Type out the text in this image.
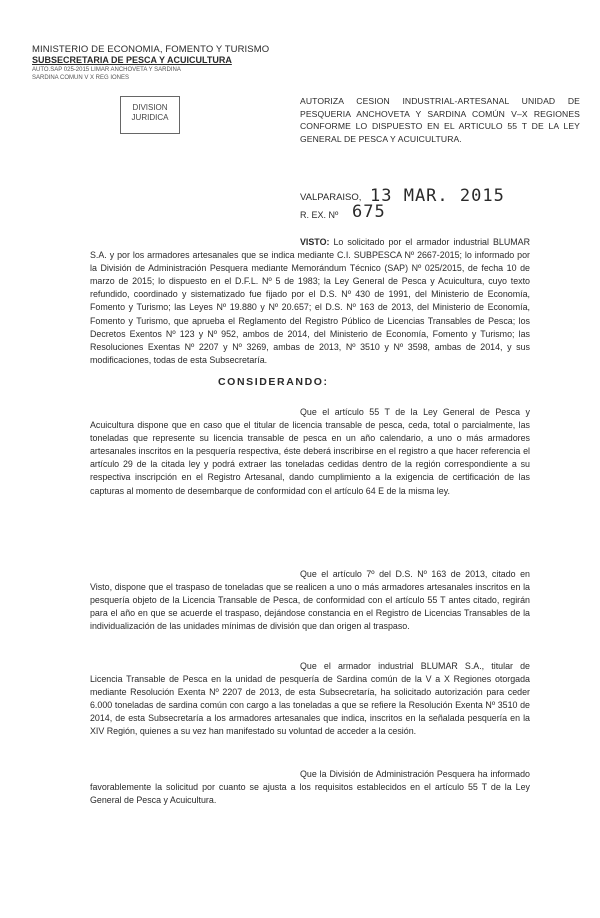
MINISTERIO DE ECONOMIA, FOMENTO Y TURISMO
SUBSECRETARIA DE PESCA Y ACUICULTURA
AUTO.SAP 025-2015 LIMAR ANCHOVETA Y SARDINA
SARDINA COMUN V X REG IONES
DIVISION
JURIDICA
AUTORIZA CESION INDUSTRIAL-ARTESANAL UNIDAD DE PESQUERIA ANCHOVETA Y SARDINA COMÚN V–X REGIONES CONFORME LO DISPUESTO EN EL ARTICULO 55 T DE LA LEY GENERAL DE PESCA Y ACUICULTURA.
VALPARAISO, 13 MAR. 2015
R. EX. Nº 675
VISTO: Lo solicitado por el armador industrial BLUMAR S.A. y por los armadores artesanales que se indica mediante C.I. SUBPESCA Nº 2667-2015; lo informado por la División de Administración Pesquera mediante Memorándum Técnico (SAP) Nº 025/2015, de fecha 10 de marzo de 2015; lo dispuesto en el D.F.L. Nº 5 de 1983; la Ley General de Pesca y Acuicultura, cuyo texto refundido, coordinado y sistematizado fue fijado por el D.S. Nº 430 de 1991, del Ministerio de Economía, Fomento y Turismo; las Leyes Nº 19.880 y Nº 20.657; el D.S. Nº 163 de 2013, del Ministerio de Economía, Fomento y Turismo, que aprueba el Reglamento del Registro Público de Licencias Transables de Pesca; los Decretos Exentos Nº 123 y Nº 952, ambos de 2014, del Ministerio de Economía, Fomento y Turismo; las Resoluciones Exentas Nº 2207 y Nº 3269, ambas de 2013, Nº 3510 y Nº 3598, ambas de 2014, y sus modificaciones, todas de esta Subsecretaría.
CONSIDERANDO:
Que el artículo 55 T de la Ley General de Pesca y Acuicultura dispone que en caso que el titular de licencia transable de pesca, ceda, total o parcialmente, las toneladas que represente su licencia transable de pesca en un año calendario, a uno o más armadores artesanales inscritos en la pesquería respectiva, éste deberá inscribirse en el registro a que hacer referencia el artículo 29 de la citada ley y podrá extraer las toneladas cedidas dentro de la región correspondiente a su respectiva inscripción en el Registro Artesanal, dando cumplimiento a la exigencia de certificación de las capturas al momento de desembarque de conformidad con el artículo 64 E de la misma ley.
Que el artículo 7º del D.S. Nº 163 de 2013, citado en Visto, dispone que el traspaso de toneladas que se realicen a uno o más armadores artesanales inscritos en la pesquería objeto de la Licencia Transable de Pesca, de conformidad con el artículo 55 T antes citado, regirán para el año en que se acuerde el traspaso, dejándose constancia en el Registro de Licencias Transables de la individualización de las unidades mínimas de división que dan origen al traspaso.
Que el armador industrial BLUMAR S.A., titular de Licencia Transable de Pesca en la unidad de pesquería de Sardina común de la V a X Regiones otorgada mediante Resolución Exenta Nº 2207 de 2013, de esta Subsecretaría, ha solicitado autorización para ceder 6.000 toneladas de sardina común con cargo a las toneladas a que se refiere la Resolución Exenta Nº 3510 de 2014, de esta Subsecretaría a los armadores artesanales que indica, inscritos en la señalada pesquería en la XIV Región, quienes a su vez han manifestado su voluntad de acceder a la cesión.
Que la División de Administración Pesquera ha informado favorablemente la solicitud por cuanto se ajusta a los requisitos establecidos en el artículo 55 T de la Ley General de Pesca y Acuicultura.
